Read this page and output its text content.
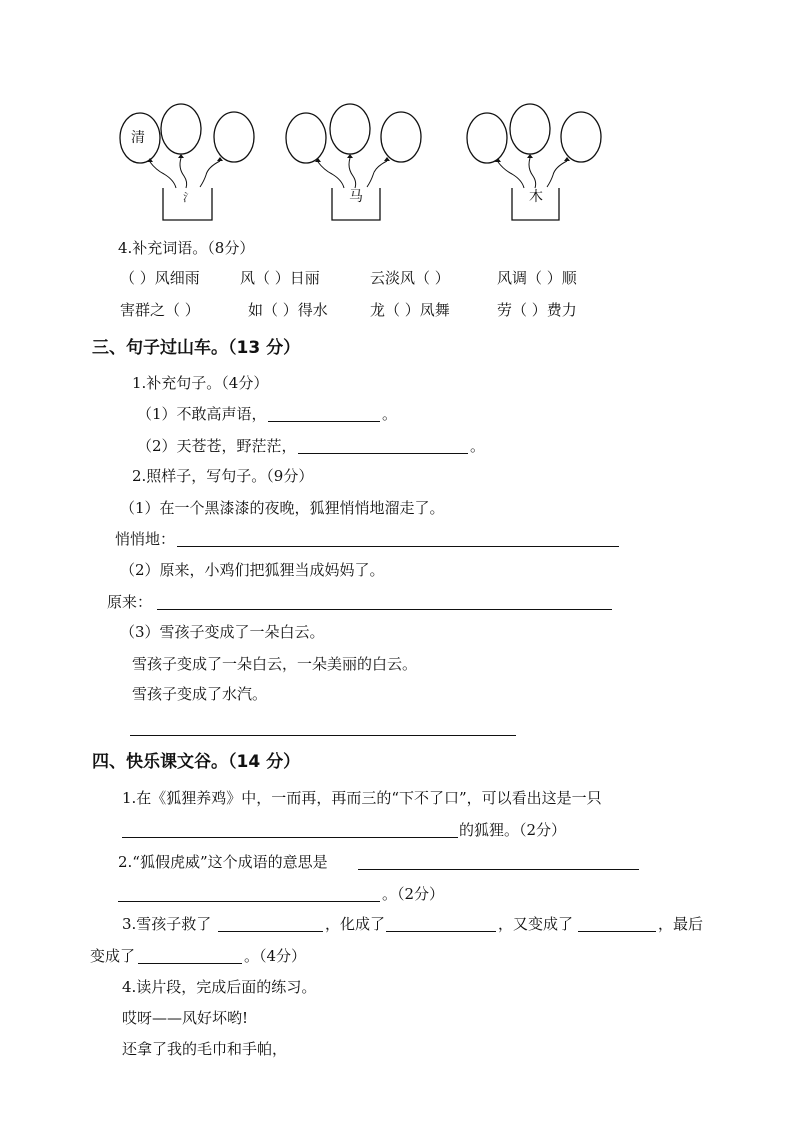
清
氵	马	木
4.补充词语。（8分）
（ ）风细雨	风（ ）日丽	云淡风（ ）	风调（ ）顺
害群之（ ）	如（ ）得水	龙（ ）凤舞	劳（ ）费力
三、句子过山车。（13 分）
1.补充句子。（4分）
（1）不敢高声语，	。
（2）天苍苍，野茫茫，	。
2.照样子，写句子。（9分）
（1）在一个黑漆漆的夜晚，狐狸悄悄地溜走了。
悄悄地：
（2）原来，小鸡们把狐狸当成妈妈了。
原来：
（3）雪孩子变成了一朵白云。
雪孩子变成了一朵白云，一朵美丽的白云。
雪孩子变成了水汽。
四、快乐课文谷。（14 分）
1.在《狐狸养鸡》中，一而再，再而三的“下不了口”，可以看出这是一只
的狐狸。（2分）
2.“狐假虎威”这个成语的意思是
。（2分）
3.雪孩子救了	，化成了	，又变成了	，最后
变成了	。（4分）
4.读片段，完成后面的练习。
哎呀——风好坏哟!
还拿了我的毛巾和手帕，
